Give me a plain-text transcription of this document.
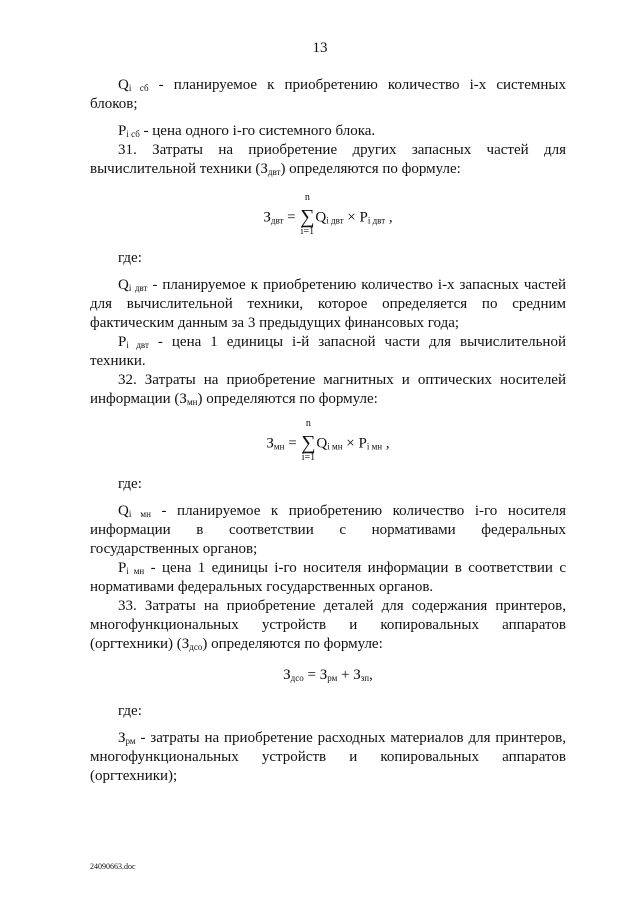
13

$Q_{i сб}$ - планируемое к приобретению количество i-х системных блоков;

$P_{i сб}$ - цена одного i-го системного блока.

31. Затраты на приобретение других запасных частей для вычислительной техники $(З_{двт})$ определяются по формуле:

$З_{двт}$ =
n
∑
i=1
$Q_{i двт} \times P_{i двт}$ ,

где:

$Q_{i двт}$ - планируемое к приобретению количество i-х запасных частей для вычислительной техники, которое определяется по средним фактическим данным за 3 предыдущих финансовых года;

$P_{i двт}$ - цена 1 единицы i-й запасной части для вычислительной техники.

32. Затраты на приобретение магнитных и оптических носителей информации $(З_{мн})$ определяются по формуле:

$З_{мн}$ =
n
∑
i=1
$Q_{i мн} \times P_{i мн}$ ,

где:

$Q_{i мн}$ - планируемое к приобретению количество i-го носителя информации в соответствии с нормативами федеральных государственных органов;

$P_{i мн}$ - цена 1 единицы i-го носителя информации в соответствии с нормативами федеральных государственных органов.

33. Затраты на приобретение деталей для содержания принтеров, многофункциональных устройств и копировальных аппаратов (оргтехники) $(З_{дсо})$ определяются по формуле:

$З_{дсо} = З_{рм} + З_{зп}$,

где:

$З_{рм}$ - затраты на приобретение расходных материалов для принтеров, многофункциональных устройств и копировальных аппаратов (оргтехники);

24090663.doc
